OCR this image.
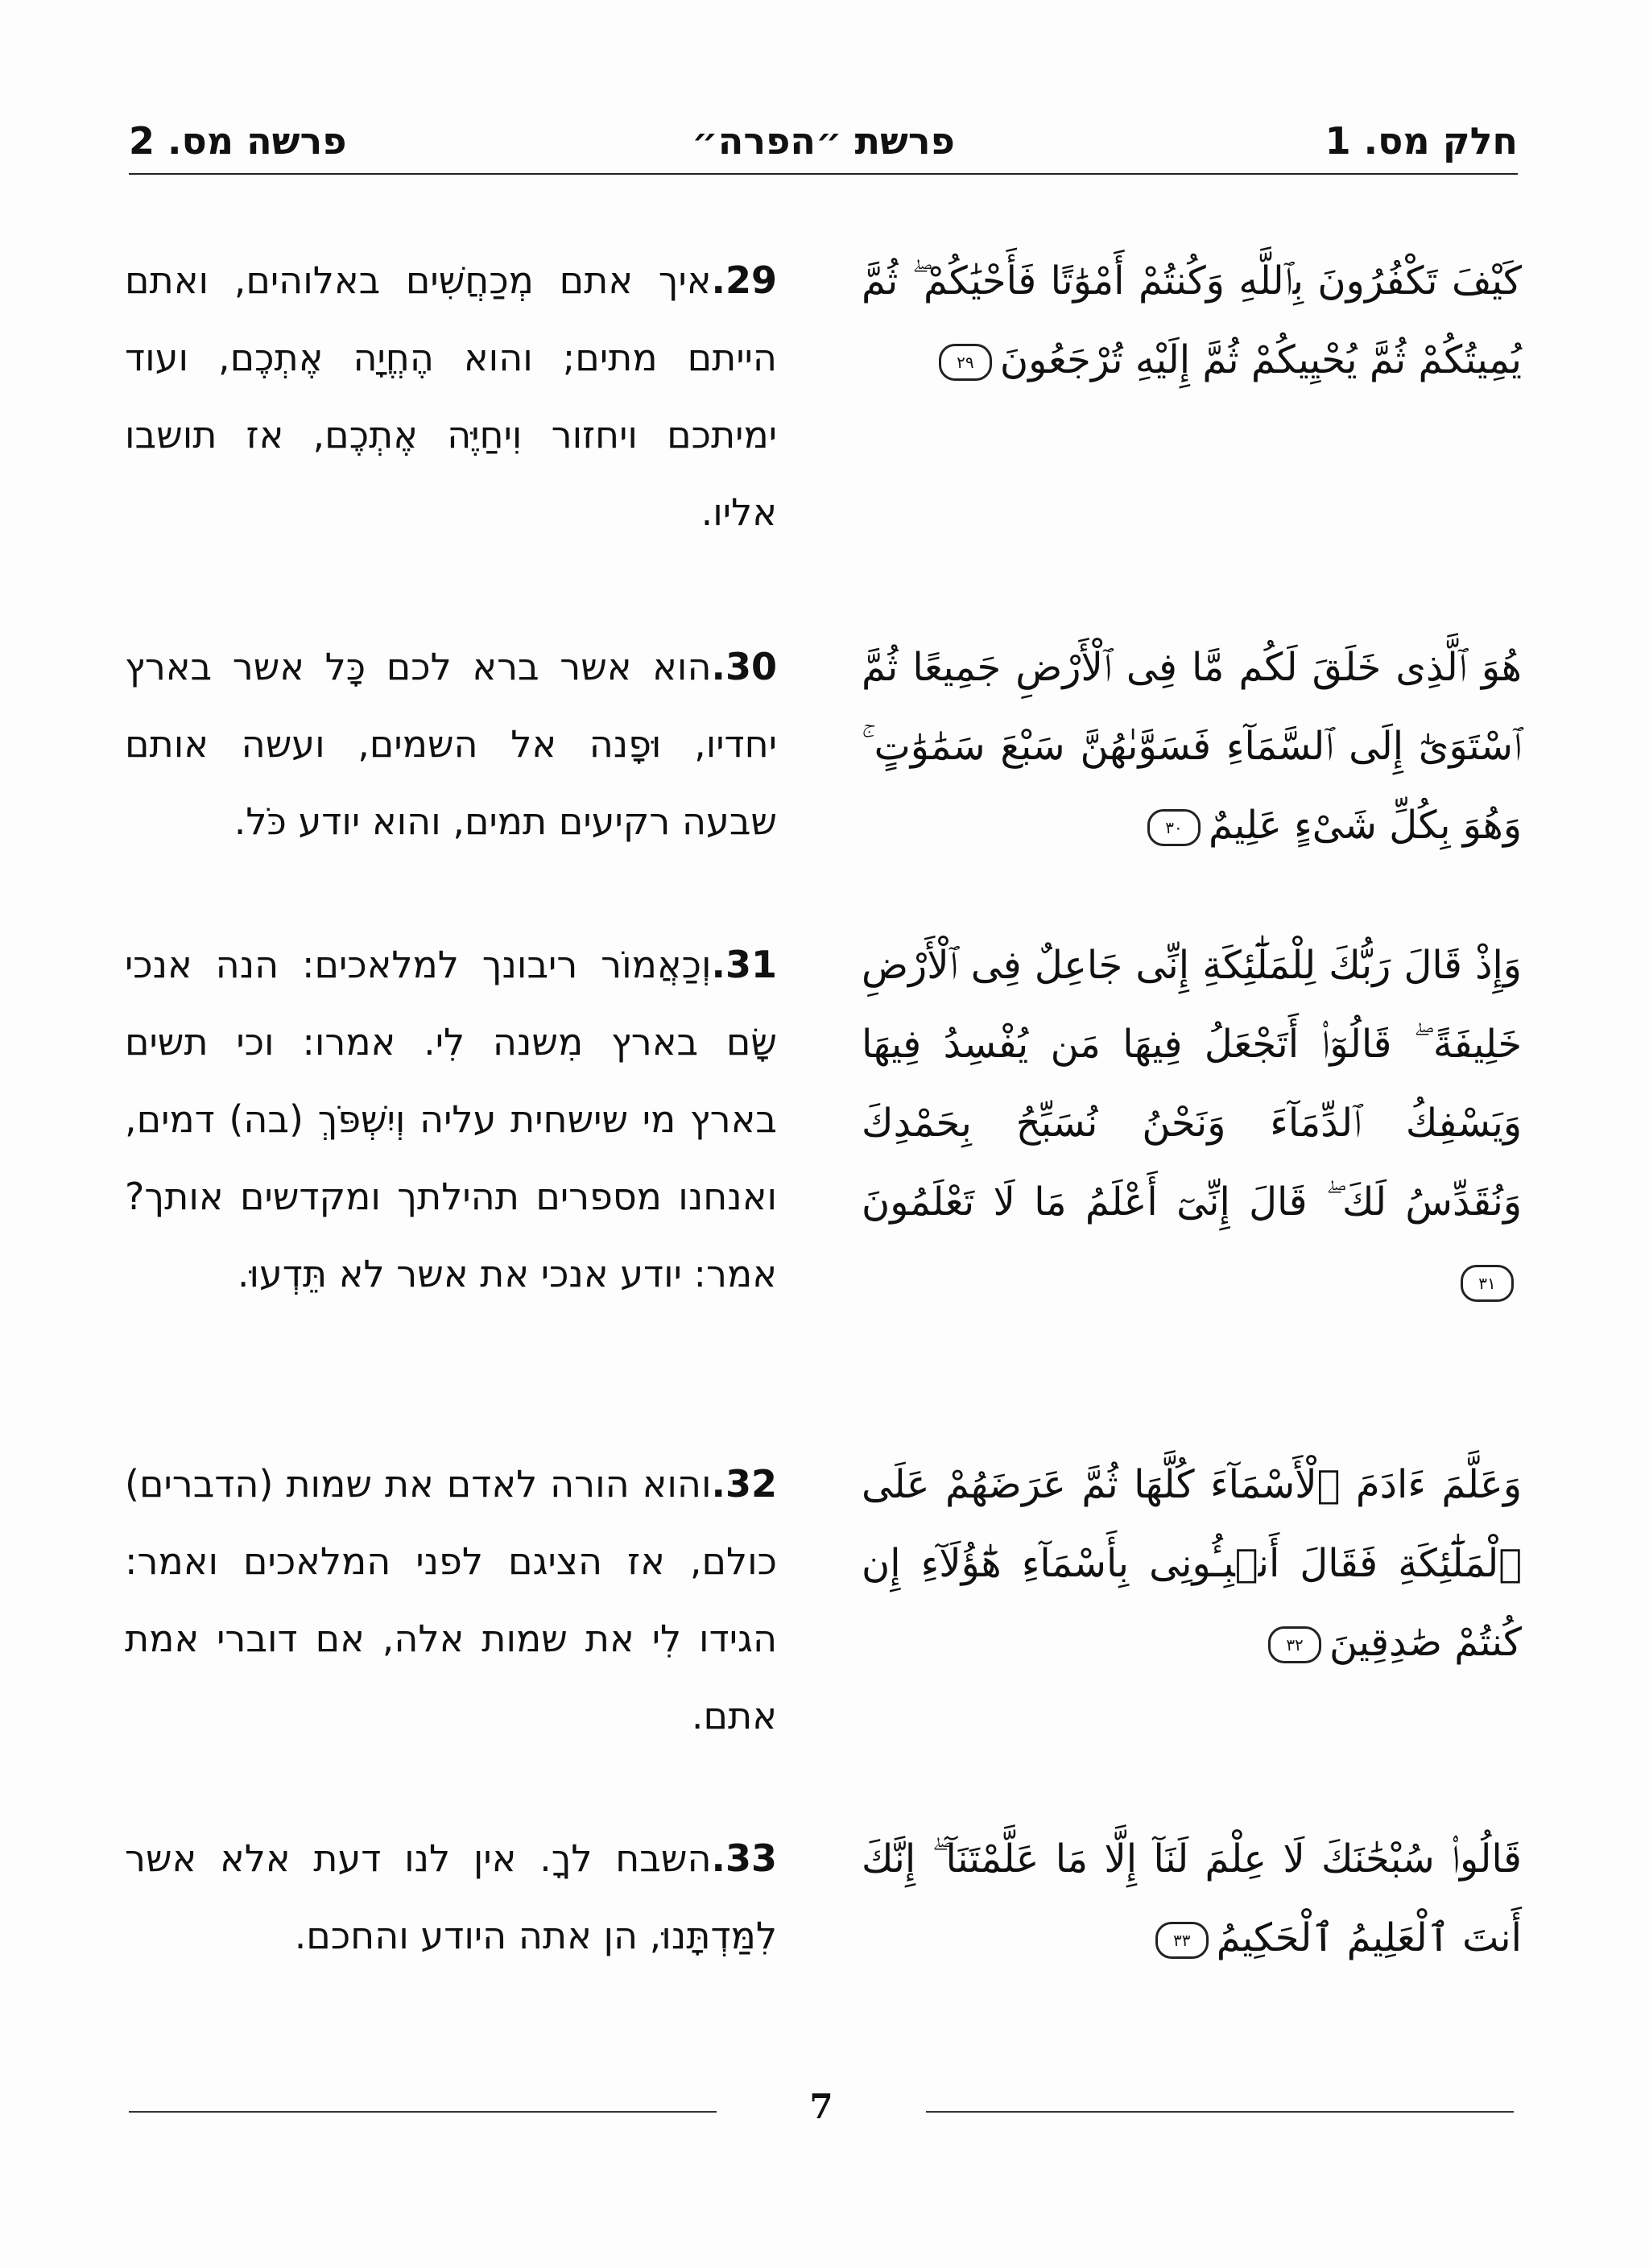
חלק מס. 1
פרשת ״הפרה״
פרשה מס. 2
29.איך אתם מְכַחֲשִׁים באלוהים, ואתם הייתם מתים; והוא הֶחֱיָה אֶתְכֶם, ועוד ימיתכם ויחזור וִיחַיֶּה אֶתְכֶם, אז תושבו אליו.
كَيْفَ تَكْفُرُونَ بِٱللَّهِ وَكُنتُمْ أَمْوَٰتًا فَأَحْيَٰكُمْ ۖ ثُمَّ يُمِيتُكُمْ ثُمَّ يُحْيِيكُمْ ثُمَّ إِلَيْهِ تُرْجَعُونَ٢٩
30.הוא אשר ברא לכם כָּל אשר בארץ יחדיו, וּפָנה אל השמים, ועשה אותם שבעה רקיעים תמים, והוא יודע כֹּל.
هُوَ ٱلَّذِى خَلَقَ لَكُم مَّا فِى ٱلْأَرْضِ جَمِيعًا ثُمَّ ٱسْتَوَىٰٓ إِلَى ٱلسَّمَآءِ فَسَوَّىٰهُنَّ سَبْعَ سَمَٰوَٰتٍ ۚ وَهُوَ بِكُلِّ شَىْءٍ عَلِيمٌ٣٠
31.וְכַאֲמוֹר ריבונך למלאכים: הנה אנכי שָׂם בארץ מִשנה לִי. אמרו: וכי תשים בארץ מי שישחית עליה וְיִשְׁפֹּךְ (בה) דמים, ואנחנו מספרים תהילתך ומקדשים אותך? אמר: יודע אנכי את אשר לא תֵּדְעוּ.
وَإِذْ قَالَ رَبُّكَ لِلْمَلَٰٓئِكَةِ إِنِّى جَاعِلٌ فِى ٱلْأَرْضِ خَلِيفَةً ۖ قَالُوٓا۟ أَتَجْعَلُ فِيهَا مَن يُفْسِدُ فِيهَا وَيَسْفِكُ ٱلدِّمَآءَ وَنَحْنُ نُسَبِّحُ بِحَمْدِكَ وَنُقَدِّسُ لَكَ ۖ قَالَ إِنِّىٓ أَعْلَمُ مَا لَا تَعْلَمُونَ٣١
32.והוא הורה לאדם את שמות (הדברים) כולם, אז הציגם לפני המלאכים ואמר: הגידו לִי את שמות אלה, אם דוברי אמת אתם.
وَعَلَّمَ ءَادَمَ ٱلْأَسْمَآءَ كُلَّهَا ثُمَّ عَرَضَهُمْ عَلَى ٱلْمَلَٰٓئِكَةِ فَقَالَ أَنۢبِـُٔونِى بِأَسْمَآءِ هَٰٓؤُلَآءِ إِن كُنتُمْ صَٰدِقِينَ٣٢
33.השבח לךָ. אין לנו דעת אלא אשר לִמַּדְתָּנוּ, הן אתה היודע והחכם.
قَالُوا۟ سُبْحَٰنَكَ لَا عِلْمَ لَنَآ إِلَّا مَا عَلَّمْتَنَآ ۖ إِنَّكَ أَنتَ ٱلْعَلِيمُ ٱلْحَكِيمُ٣٣
7
